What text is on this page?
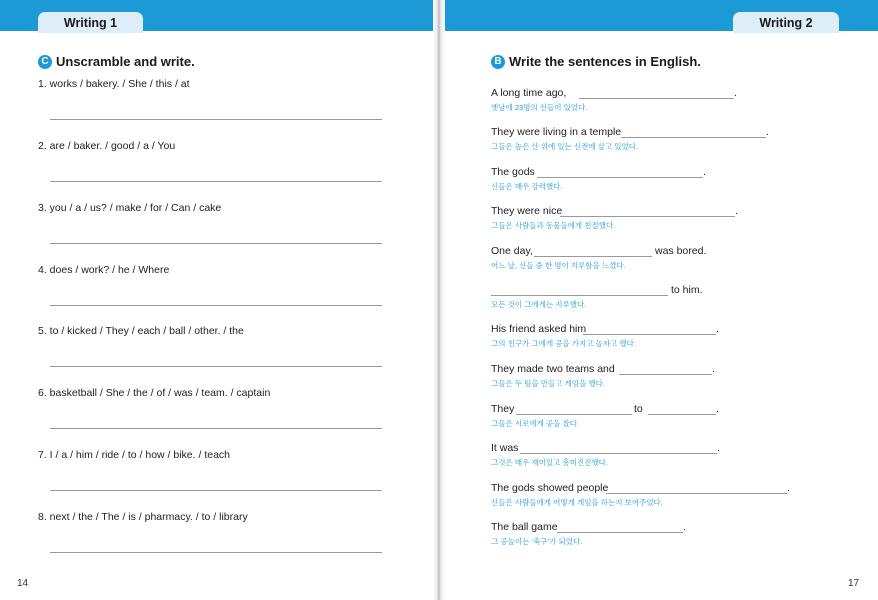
Writing 1
C Unscramble and write.
1. works / bakery. / She / this / at
2. are / baker. / good / a / You
3. you / a / us? / make / for / Can / cake
4. does / work? / he / Where
5. to / kicked / They / each / ball / other. / the
6. basketball / She / the / of / was / team. / captain
7. I / a / him / ride / to / how / bike. / teach
8. next / the / The / is / pharmacy. / to / library
14
Writing 2
B Write the sentences in English.
A long time ago,	.
옛날에 23명의 신들이 있었다.
They were living in a temple	.
그들은 높은 산 위에 있는 신전에 살고 있었다.
The gods	.
신들은 매우 강력했다.
They were nice	.
그들은 사람들과 동물들에게 친절했다.
One day,	was bored.
어느 날, 신들 중 한 명이 지루함을 느꼈다.
to him.
모든 것이 그에게는 지루했다.
His friend asked him	.
그의 친구가 그에게 공을 가지고 놀자고 했다.
They made two teams and	.
그들은 두 팀을 만들고 게임을 했다.
They	to	.
그들은 서로에게 공을 찼다.
It was	.
그것은 매우 재미있고 흥미진진했다.
The gods showed people	.
신들은 사람들에게 어떻게 게임을 하는지 보여주었다.
The ball game	.
그 공놀이는 ‘축구’가 되었다.
17
